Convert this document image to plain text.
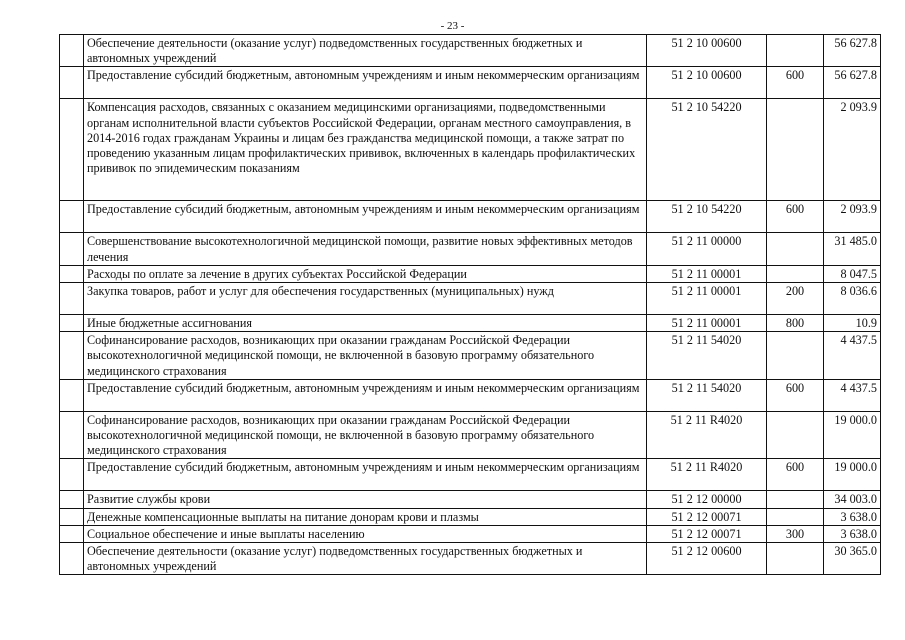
- 23 -
	Обеспечение деятельности (оказание услуг) подведомственных государственных бюджетных и автономных учреждений	51 2 10 00600		56 627.8
	Предоставление субсидий бюджетным, автономным учреждениям и иным некоммерческим организациям	51 2 10 00600	600	56 627.8
	Компенсация расходов, связанных с оказанием медицинскими организациями, подведомственными органам исполнительной власти субъектов Российской Федерации, органам местного самоуправления, в 2014-2016 годах гражданам Украины и лицам без гражданства медицинской помощи, а также затрат по проведению указанным лицам профилактических прививок, включенных в календарь профилактических прививок по эпидемическим показаниям	51 2 10 54220		2 093.9
	Предоставление субсидий бюджетным, автономным учреждениям и иным некоммерческим организациям	51 2 10 54220	600	2 093.9
	Совершенствование высокотехнологичной медицинской помощи, развитие новых эффективных методов лечения	51 2 11 00000		31 485.0
	Расходы по оплате за лечение в других субъектах Российской Федерации	51 2 11 00001		8 047.5
	Закупка товаров, работ и услуг для обеспечения государственных (муниципальных) нужд	51 2 11 00001	200	8 036.6
	Иные бюджетные ассигнования	51 2 11 00001	800	10.9
	Софинансирование расходов, возникающих при оказании гражданам Российской Федерации высокотехнологичной медицинской помощи, не включенной в базовую программу обязательного медицинского страхования	51 2 11 54020		4 437.5
	Предоставление субсидий бюджетным, автономным учреждениям и иным некоммерческим организациям	51 2 11 54020	600	4 437.5
	Софинансирование расходов, возникающих при оказании гражданам Российской Федерации высокотехнологичной медицинской помощи, не включенной в базовую программу обязательного медицинского страхования	51 2 11 R4020		19 000.0
	Предоставление субсидий бюджетным, автономным учреждениям и иным некоммерческим организациям	51 2 11 R4020	600	19 000.0
	Развитие службы крови	51 2 12 00000		34 003.0
	Денежные компенсационные выплаты на питание донорам крови и плазмы	51 2 12 00071		3 638.0
	Социальное обеспечение и иные выплаты населению	51 2 12 00071	300	3 638.0
	Обеспечение деятельности (оказание услуг) подведомственных государственных бюджетных и автономных учреждений	51 2 12 00600		30 365.0
